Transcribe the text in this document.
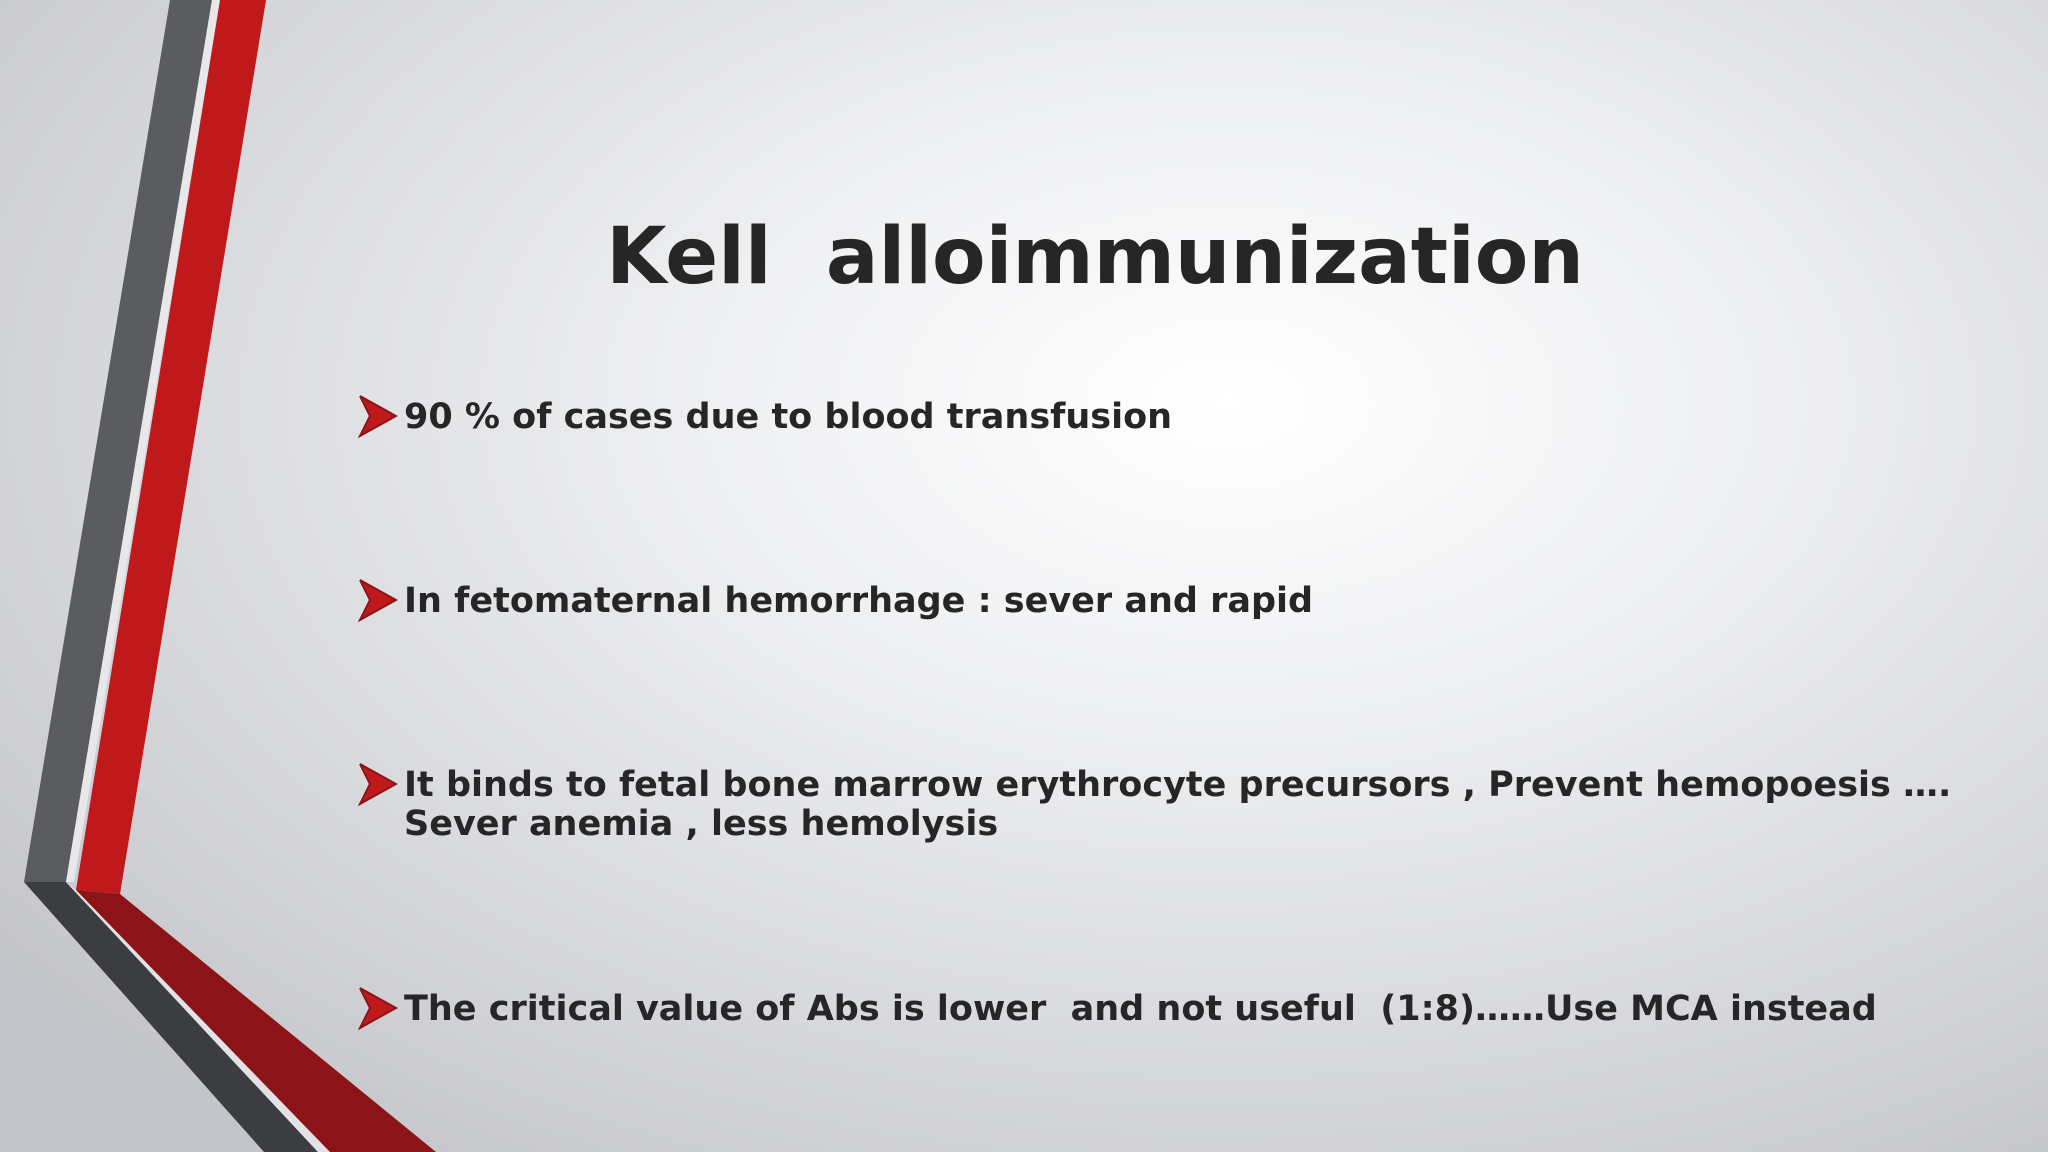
Kell  alloimmunization
90 % of cases due to blood transfusion
In fetomaternal hemorrhage : sever and rapid
It binds to fetal bone marrow erythrocyte precursors , Prevent hemopoesis …. Sever anemia , less hemolysis
The critical value of Abs is lower  and not useful  (1:8)……Use MCA instead
